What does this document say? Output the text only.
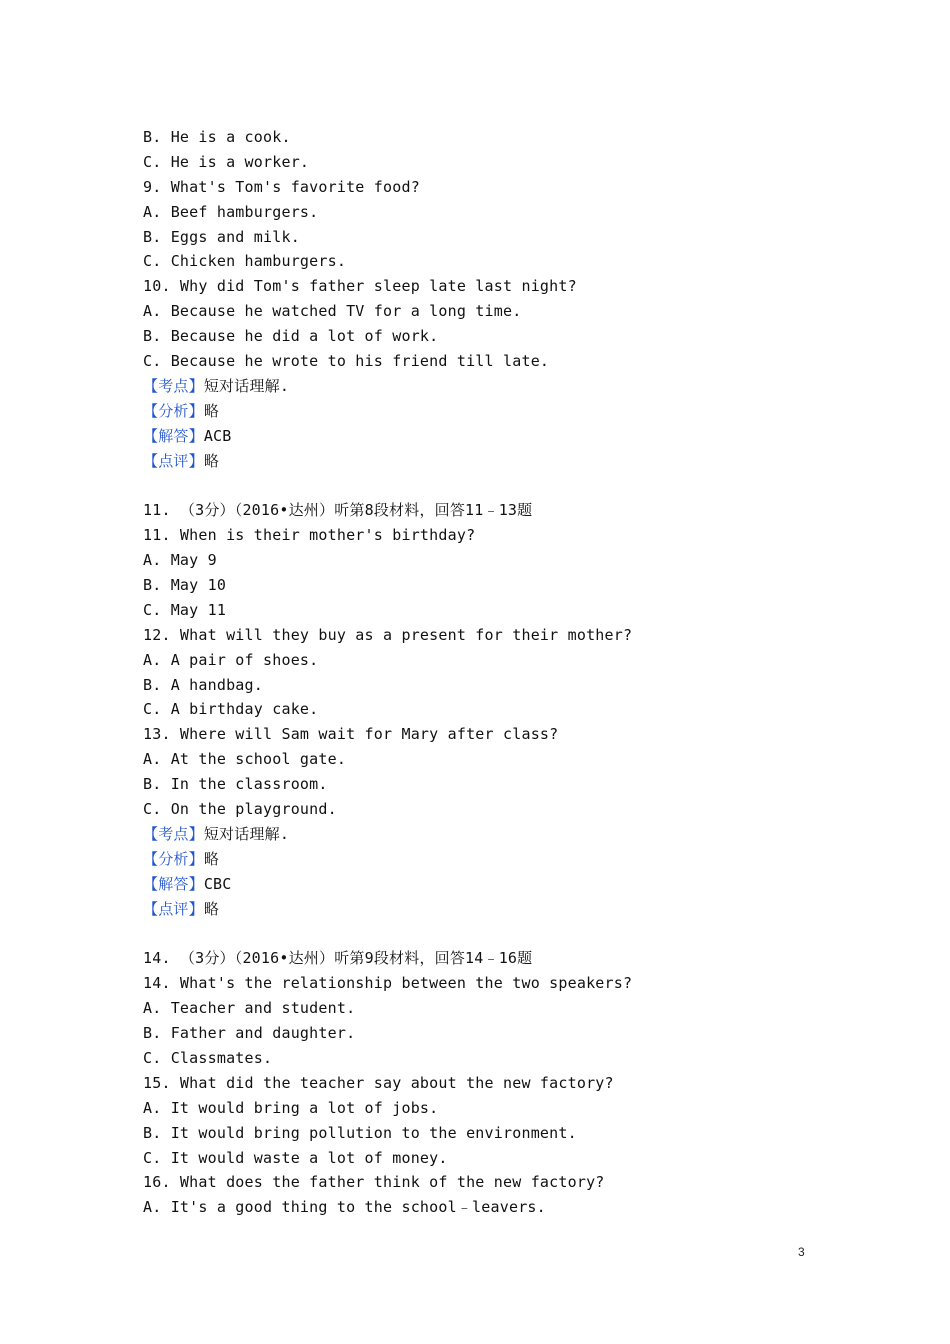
B. He is a cook.
C. He is a worker.
9. What's Tom's favorite food?
A. Beef hamburgers.
B. Eggs and milk.
C. Chicken hamburgers.
10. Why did Tom's father sleep late last night?
A. Because he watched TV for a long time.
B. Because he did a lot of work.
C. Because he wrote to his friend till late.
【考点】短对话理解.
【分析】略
【解答】ACB
【点评】略
11. （3分）（2016•达州）听第8段材料，回答11﹣13题
11. When is their mother's birthday?
A. May 9
B. May 10
C. May 11
12. What will they buy as a present for their mother?
A. A pair of shoes.
B. A handbag.
C. A birthday cake.
13. Where will Sam wait for Mary after class?
A. At the school gate.
B. In the classroom.
C. On the playground.
【考点】短对话理解.
【分析】略
【解答】CBC
【点评】略
14. （3分）（2016•达州）听第9段材料，回答14﹣16题
14. What's the relationship between the two speakers?
A. Teacher and student.
B. Father and daughter.
C. Classmates.
15. What did the teacher say about the new factory?
A. It would bring a lot of jobs.
B. It would bring pollution to the environment.
C. It would waste a lot of money.
16. What does the father think of the new factory?
A. It's a good thing to the school﹣leavers.
3
